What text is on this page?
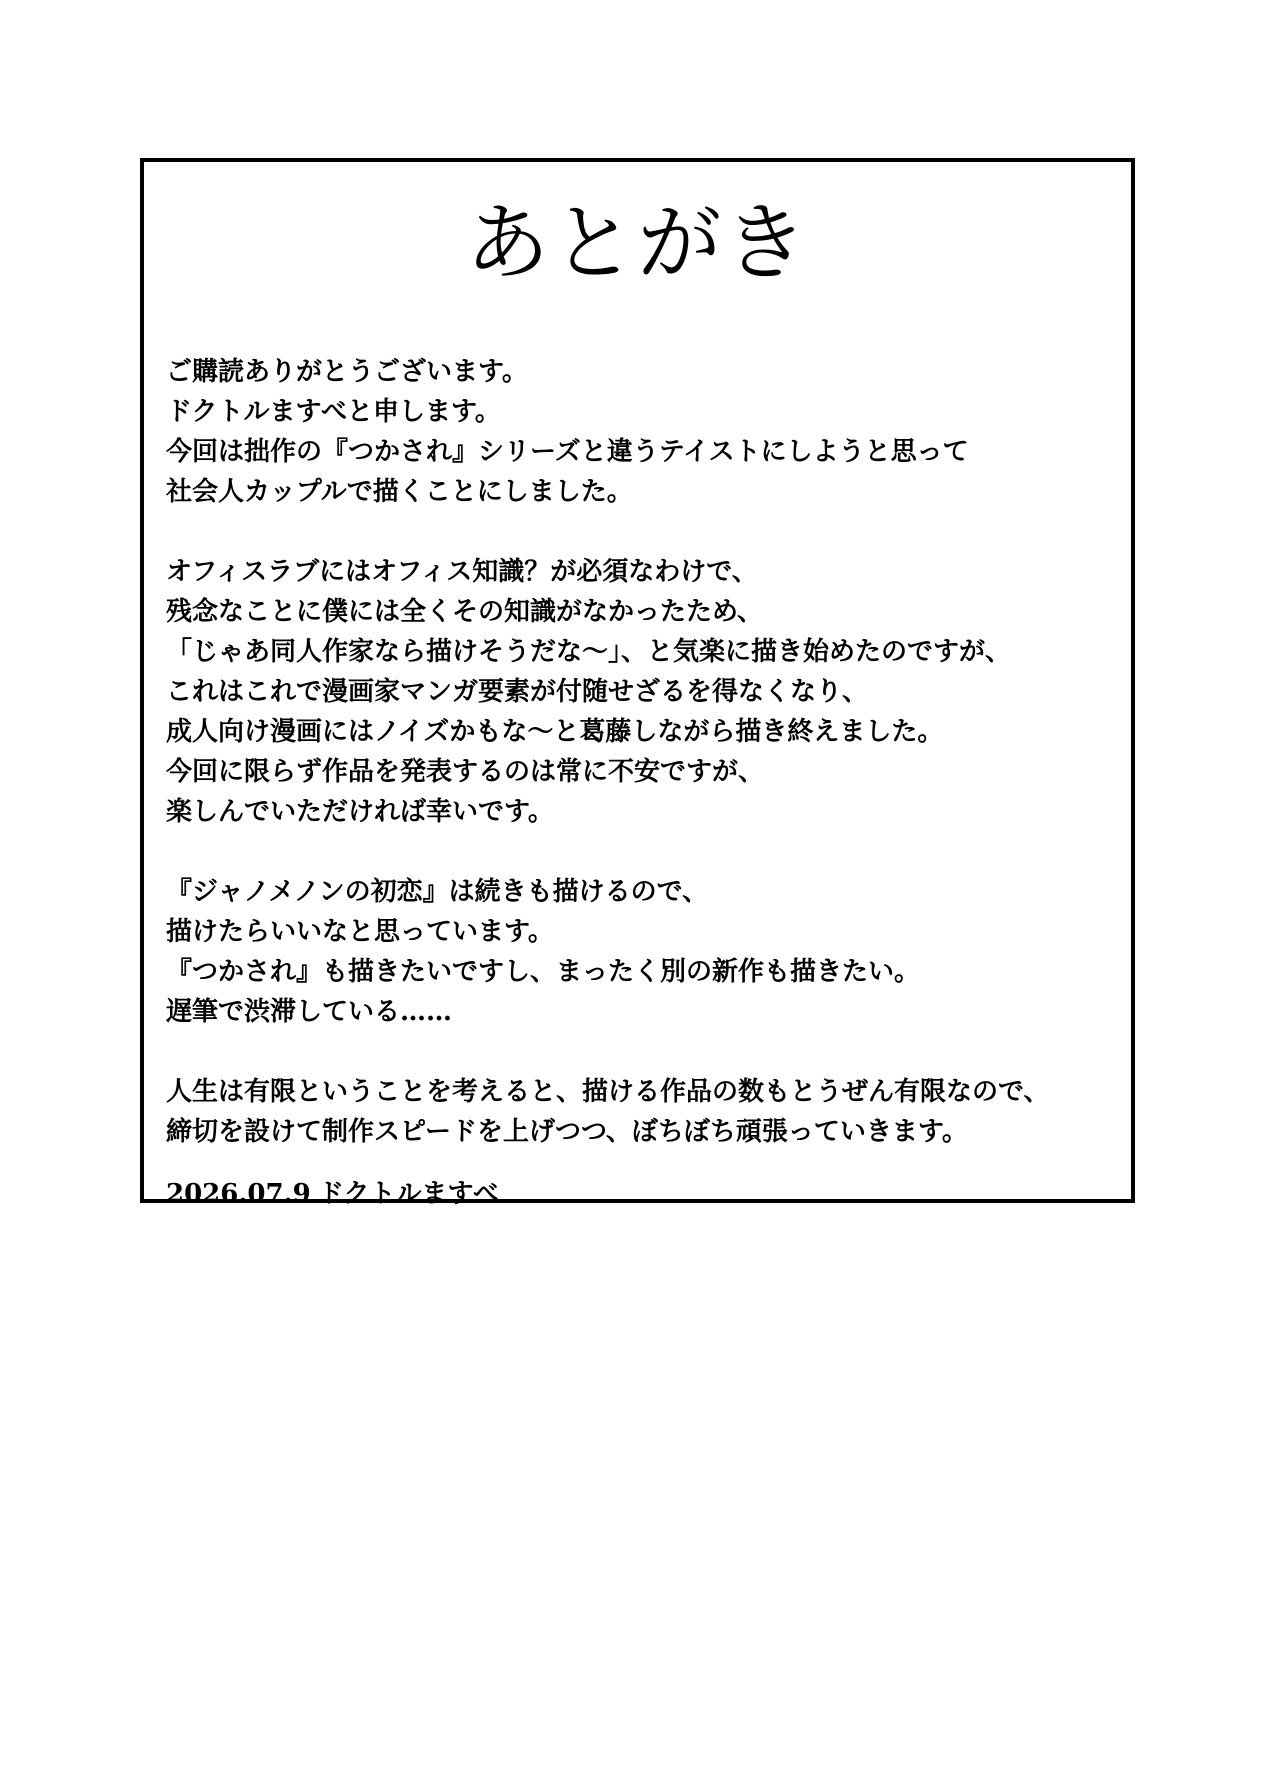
あとがき

ご購読ありがとうございます。
ドクトルますべと申します。
今回は拙作の『つかされ』シリーズと違うテイストにしようと思って
社会人カップルで描くことにしました。

オフィスラブにはオフィス知識？が必須なわけで、
残念なことに僕には全くその知識がなかったため、
「じゃあ同人作家なら描けそうだな～」、と気楽に描き始めたのですが、
これはこれで漫画家マンガ要素が付随せざるを得なくなり、
成人向け漫画にはノイズかもな～と葛藤しながら描き終えました。
今回に限らず作品を発表するのは常に不安ですが、
楽しんでいただければ幸いです。

『ジャノメノンの初恋』は続きも描けるので、
描けたらいいなと思っています。
『つかされ』も描きたいですし、まったく別の新作も描きたい。
遅筆で渋滞している……

人生は有限ということを考えると、描ける作品の数もとうぜん有限なので、
締切を設けて制作スピードを上げつつ、ぼちぼち頑張っていきます。

2026.07.9 ドクトルますべ
